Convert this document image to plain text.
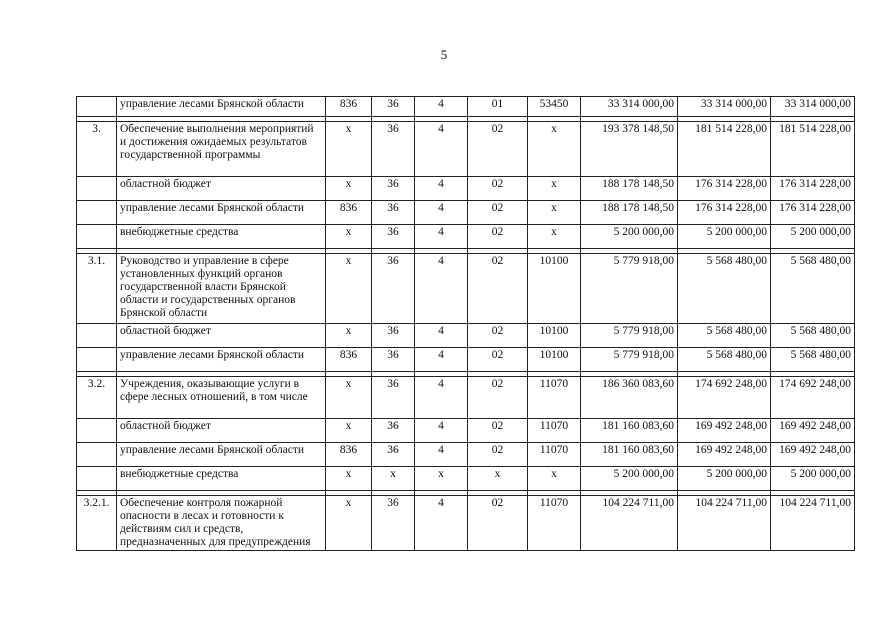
5
	управление лесами Брянской области	836	36	4	01	53450	33 314 000,00	33 314 000,00	33 314 000,00

3.	Обеспечение выполнения мероприятий и достижения ожидаемых результатов государственной программы	х	36	4	02	х	193 378 148,50	181 514 228,00	181 514 228,00
	областной бюджет	х	36	4	02	х	188 178 148,50	176 314 228,00	176 314 228,00
	управление лесами Брянской области	836	36	4	02	х	188 178 148,50	176 314 228,00	176 314 228,00
	внебюджетные средства	х	36	4	02	х	5 200 000,00	5 200 000,00	5 200 000,00

3.1.	Руководство и управление в сфере установленных функций органов государственной власти Брянской области и государственных органов Брянской области	х	36	4	02	10100	5 779 918,00	5 568 480,00	5 568 480,00
	областной бюджет	х	36	4	02	10100	5 779 918,00	5 568 480,00	5 568 480,00
	управление лесами Брянской области	836	36	4	02	10100	5 779 918,00	5 568 480,00	5 568 480,00

3.2.	Учреждения, оказывающие услуги в сфере лесных отношений, в том числе	х	36	4	02	11070	186 360 083,60	174 692 248,00	174 692 248,00
	областной бюджет	х	36	4	02	11070	181 160 083,60	169 492 248,00	169 492 248,00
	управление лесами Брянской области	836	36	4	02	11070	181 160 083,60	169 492 248,00	169 492 248,00
	внебюджетные средства	х	х	х	х	х	5 200 000,00	5 200 000,00	5 200 000,00

3.2.1.	Обеспечение контроля пожарной опасности в лесах и готовности к действиям сил и средств, предназначенных для предупреждения	х	36	4	02	11070	104 224 711,00	104 224 711,00	104 224 711,00
